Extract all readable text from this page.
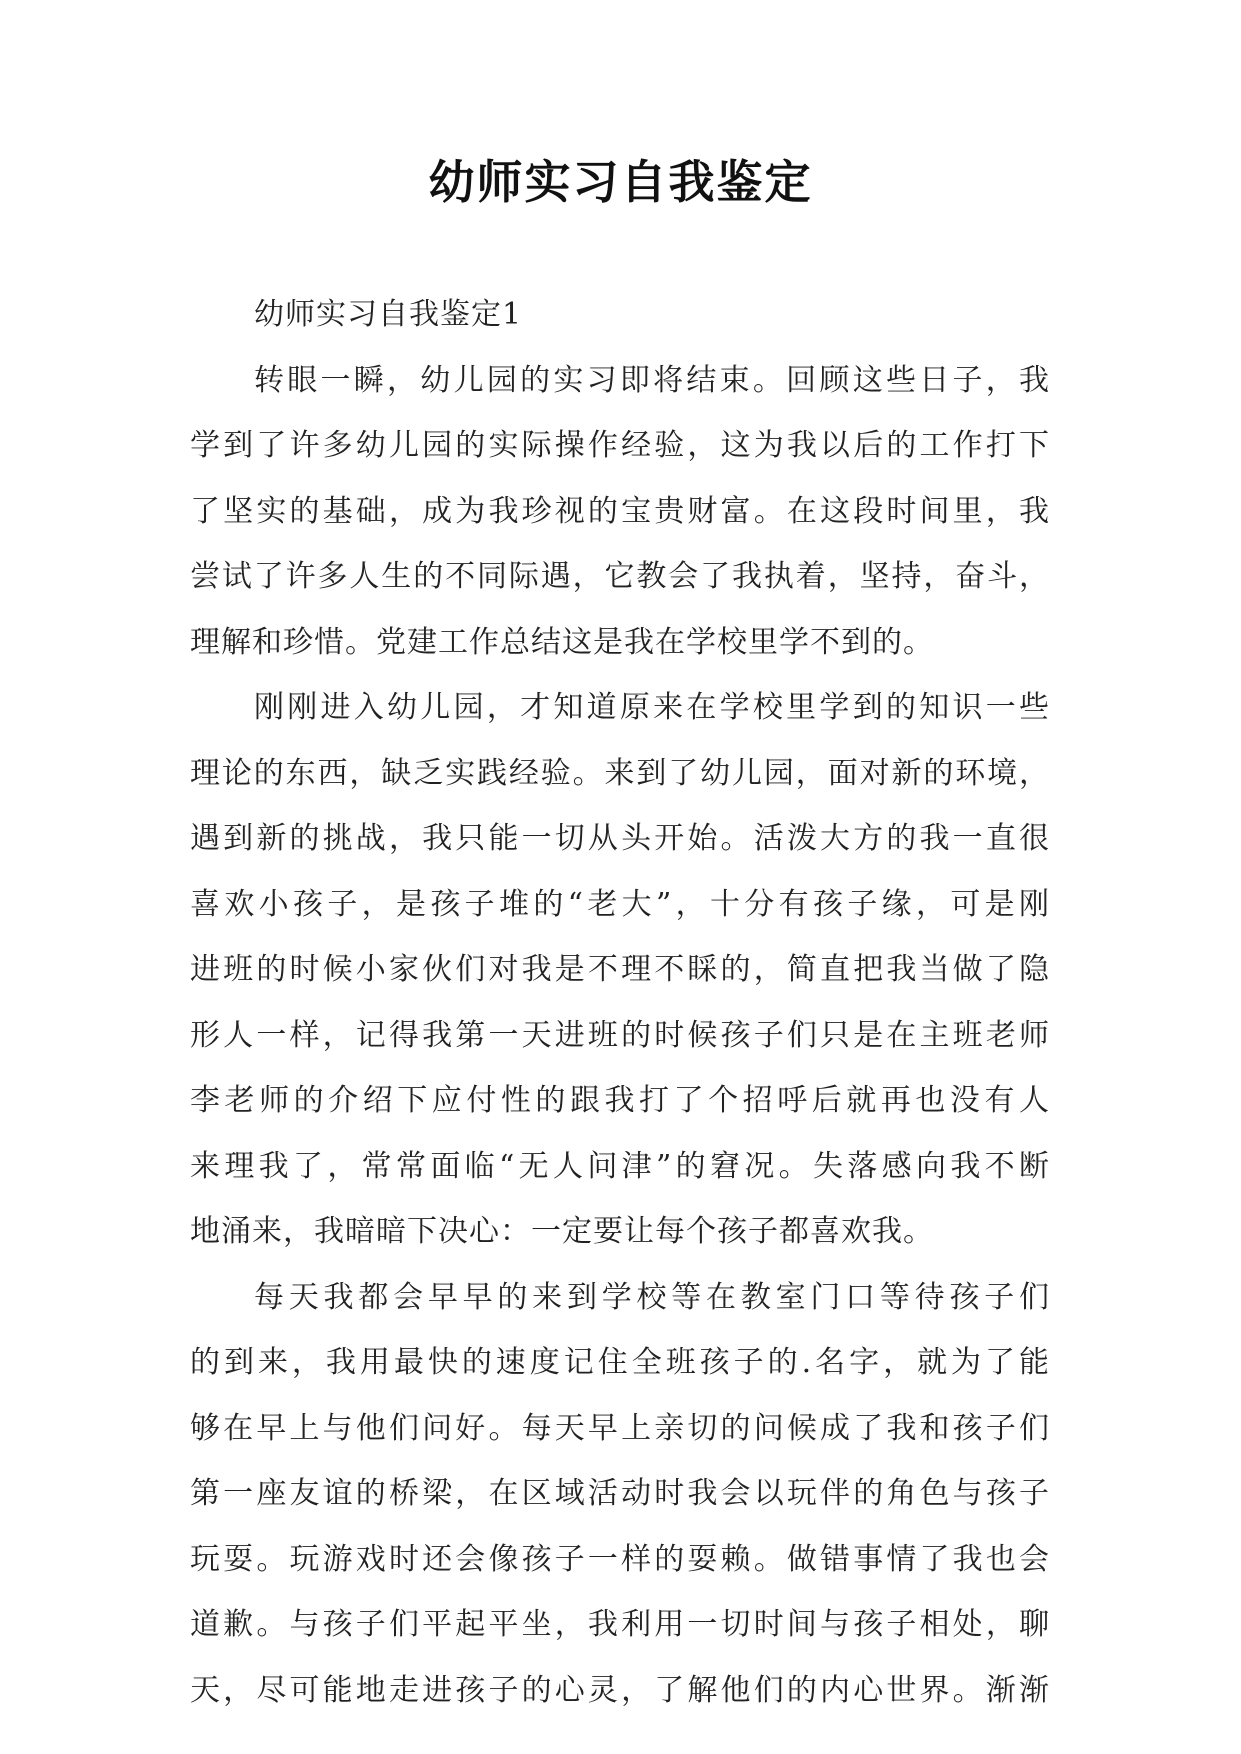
幼师实习自我鉴定
幼师实习自我鉴定1
转眼一瞬，幼儿园的实习即将结束。回顾这些日子，我
学到了许多幼儿园的实际操作经验，这为我以后的工作打下
了坚实的基础，成为我珍视的宝贵财富。在这段时间里，我
尝试了许多人生的不同际遇，它教会了我执着，坚持，奋斗，
理解和珍惜。党建工作总结这是我在学校里学不到的。
刚刚进入幼儿园，才知道原来在学校里学到的知识一些
理论的东西，缺乏实践经验。来到了幼儿园，面对新的环境，
遇到新的挑战，我只能一切从头开始。活泼大方的我一直很
喜欢小孩子，是孩子堆的“老大”，十分有孩子缘，可是刚
进班的时候小家伙们对我是不理不睬的，简直把我当做了隐
形人一样，记得我第一天进班的时候孩子们只是在主班老师
李老师的介绍下应付性的跟我打了个招呼后就再也没有人
来理我了，常常面临“无人问津”的窘况。失落感向我不断
地涌来，我暗暗下决心：一定要让每个孩子都喜欢我。
每天我都会早早的来到学校等在教室门口等待孩子们
的到来，我用最快的速度记住全班孩子的.名字，就为了能
够在早上与他们问好。每天早上亲切的问候成了我和孩子们
第一座友谊的桥梁，在区域活动时我会以玩伴的角色与孩子
玩耍。玩游戏时还会像孩子一样的耍赖。做错事情了我也会
道歉。与孩子们平起平坐，我利用一切时间与孩子相处，聊
天，尽可能地走进孩子的心灵，了解他们的内心世界。渐渐
